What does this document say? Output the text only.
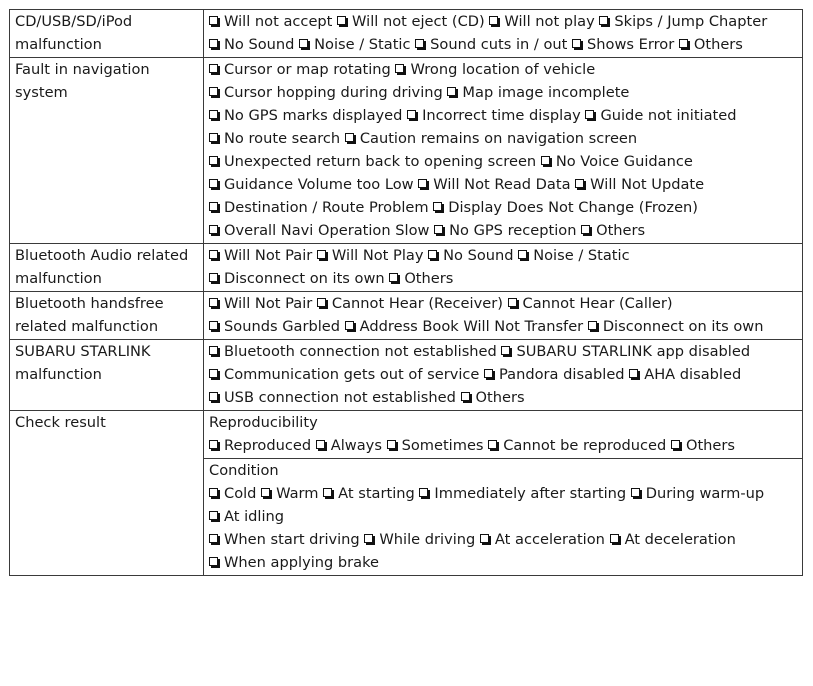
CD/USB/SD/iPod malfunction	Will not accept Will not eject (CD) Will not play Skips / Jump Chapter
No Sound Noise / Static Sound cuts in / out Shows Error Others

Fault in navigation system	Cursor or map rotating Wrong location of vehicle Cursor hopping during driving Map image incomplete
No GPS marks displayed Incorrect time display Guide not initiated No route search Caution remains on navigation screen
Unexpected return back to opening screen No Voice Guidance Guidance Volume too Low Will Not Read Data Will Not Update
Destination / Route Problem Display Does Not Change (Frozen) Overall Navi Operation Slow No GPS reception Others

Bluetooth Audio related malfunction	Will Not Pair Will Not Play No Sound Noise / Static Disconnect on its own Others

Bluetooth handsfree related malfunction	Will Not Pair Cannot Hear (Receiver) Cannot Hear (Caller)
Sounds Garbled Address Book Will Not Transfer Disconnect on its own

SUBARU STARLINK malfunction	Bluetooth connection not established SUBARU STARLINK app disabled
Communication gets out of service Pandora disabled AHA disabled USB connection not established Others

Check result	Reproducibility
Reproduced Always Sometimes Cannot be reproduced Others

	Condition
Cold Warm At starting Immediately after starting During warm-up At idling
When start driving While driving At acceleration At deceleration When applying brake
